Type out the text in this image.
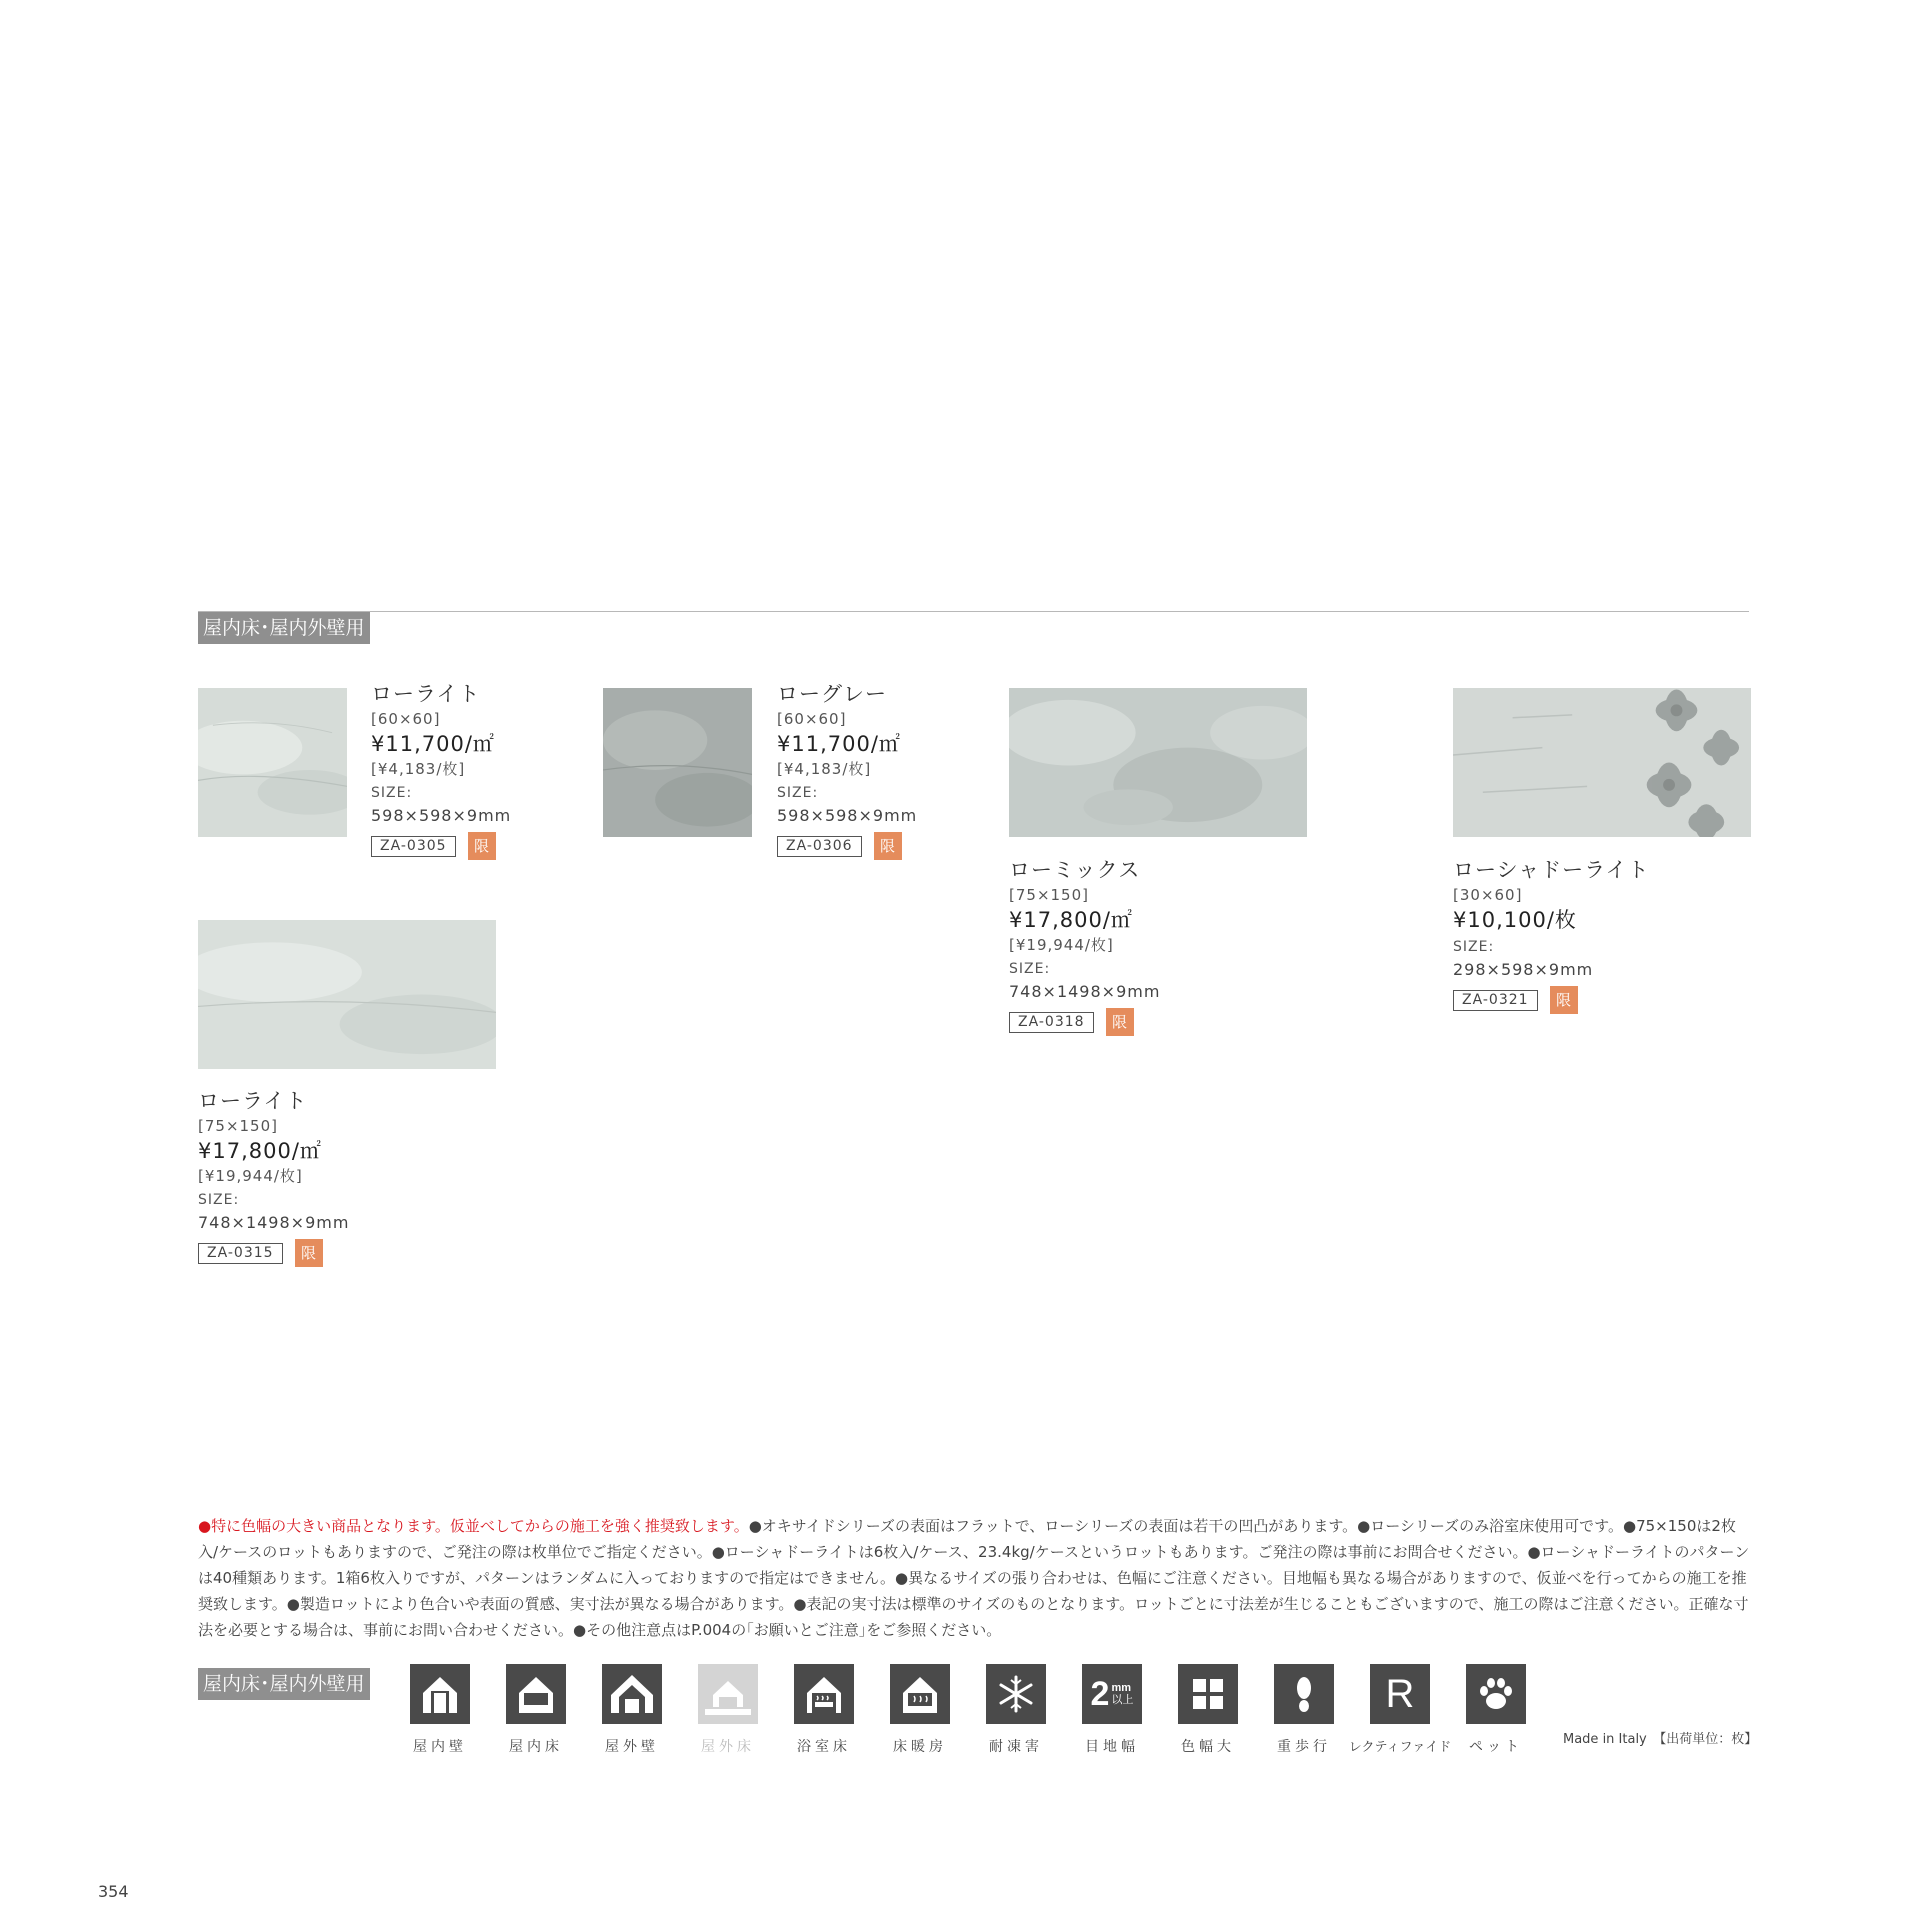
屋内床･屋内外壁用
ローライト
[60×60]
¥11,700/㎡
[¥4,183/枚]
SIZE:
598×598×9mm
ZA-0305	限
ローグレー
[60×60]
¥11,700/㎡
[¥4,183/枚]
SIZE:
598×598×9mm
ZA-0306	限
ローミックス
[75×150]
¥17,800/㎡
[¥19,944/枚]
SIZE:
748×1498×9mm
ZA-0318	限
ローシャドーライト
[30×60]
¥10,100/枚
SIZE:
298×598×9mm
ZA-0321	限
ローライト
[75×150]
¥17,800/㎡
[¥19,944/枚]
SIZE:
748×1498×9mm
ZA-0315	限
●特に色幅の大きい商品となります。仮並べしてからの施工を強く推奨致します。●オキサイドシリーズの表面はフラットで、ローシリーズの表面は若干の凹凸があります。●ローシリーズのみ浴室床使用可です。●75×150は2枚入/ケースのロットもありますので、ご発注の際は枚単位でご指定ください。●ローシャドーライトは6枚入/ケース、23.4kg/ケースというロットもあります。ご発注の際は事前にお問合せください。●ローシャドーライトのパターンは40種類あります。1箱6枚入りですが、パターンはランダムに入っておりますので指定はできません。●異なるサイズの張り合わせは、色幅にご注意ください。目地幅も異なる場合がありますので、仮並べを行ってからの施工を推奨致します。●製造ロットにより色合いや表面の質感、実寸法が異なる場合があります。●表記の実寸法は標準のサイズのものとなります。ロットごとに寸法差が生じることもございますので、施工の際はご注意ください。正確な寸法を必要とする場合は、事前にお問い合わせください。●その他注意点はP.004の｢お願いとご注意｣をご参照ください。
屋内床･屋内外壁用
屋内壁	屋内床	屋外壁	屋外床	浴室床	床暖房	耐凍害
2 mm
以上
目地幅	色幅大	重歩行
R
レクティファイド ペット	Made in Italy　【出荷単位：枚】
354
